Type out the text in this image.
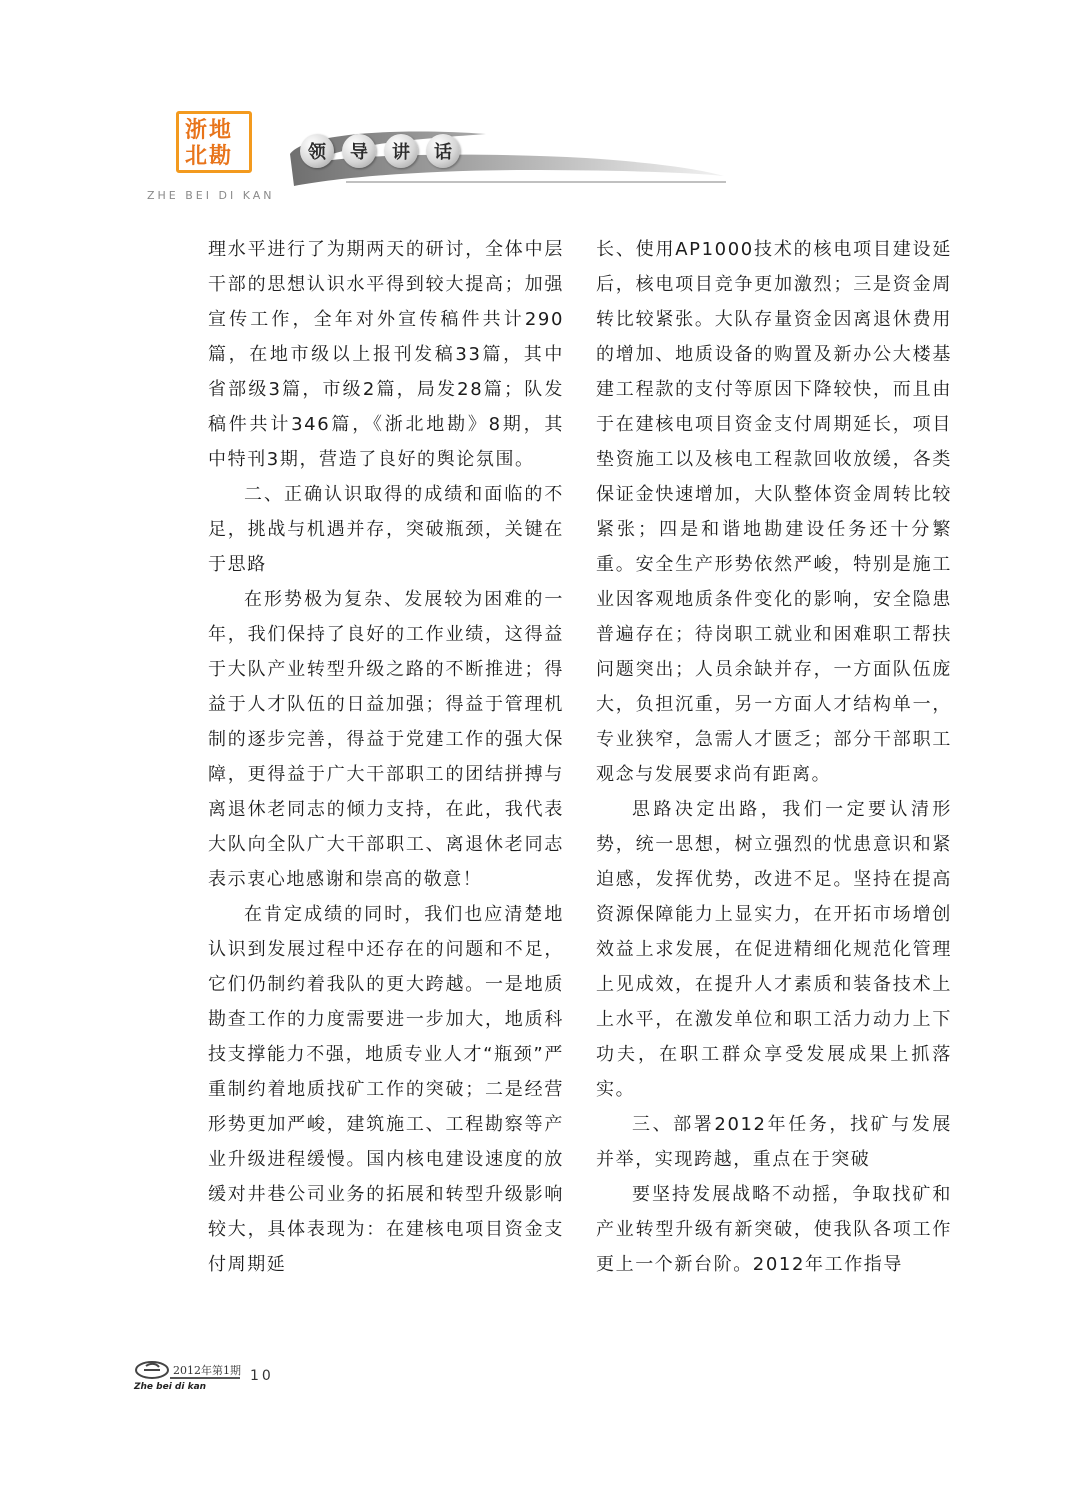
浙地
北勘
ZHE BEI DI KAN
领	导	讲	话

理水平进行了为期两天的研讨，全体中层干部的思想认识水平得到较大提高；加强宣传工作，全年对外宣传稿件共计290篇，在地市级以上报刊发稿33篇，其中省部级3篇，市级2篇，局发28篇；队发稿件共计346篇，《浙北地勘》8期，其中特刊3期，营造了良好的舆论氛围。

二、正确认识取得的成绩和面临的不足，挑战与机遇并存，突破瓶颈，关键在于思路

在形势极为复杂、发展较为困难的一年，我们保持了良好的工作业绩，这得益于大队产业转型升级之路的不断推进；得益于人才队伍的日益加强；得益于管理机制的逐步完善，得益于党建工作的强大保障，更得益于广大干部职工的团结拼搏与离退休老同志的倾力支持，在此，我代表大队向全队广大干部职工、离退休老同志表示衷心地感谢和崇高的敬意！

在肯定成绩的同时，我们也应清楚地认识到发展过程中还存在的问题和不足，它们仍制约着我队的更大跨越。一是地质勘查工作的力度需要进一步加大，地质科技支撑能力不强，地质专业人才“瓶颈”严重制约着地质找矿工作的突破；二是经营形势更加严峻，建筑施工、工程勘察等产业升级进程缓慢。国内核电建设速度的放缓对井巷公司业务的拓展和转型升级影响较大，具体表现为：在建核电项目资金支付周期延

长、使用AP1000技术的核电项目建设延后，核电项目竞争更加激烈；三是资金周转比较紧张。大队存量资金因离退休费用的增加、地质设备的购置及新办公大楼基建工程款的支付等原因下降较快，而且由于在建核电项目资金支付周期延长，项目垫资施工以及核电工程款回收放缓，各类保证金快速增加，大队整体资金周转比较紧张；四是和谐地勘建设任务还十分繁重。安全生产形势依然严峻，特别是施工业因客观地质条件变化的影响，安全隐患普遍存在；待岗职工就业和困难职工帮扶问题突出；人员余缺并存，一方面队伍庞大，负担沉重，另一方面人才结构单一，专业狭窄，急需人才匮乏；部分干部职工观念与发展要求尚有距离。

思路决定出路，我们一定要认清形势，统一思想，树立强烈的忧患意识和紧迫感，发挥优势，改进不足。坚持在提高资源保障能力上显实力，在开拓市场增创效益上求发展，在促进精细化规范化管理上见成效，在提升人才素质和装备技术上上水平，在激发单位和职工活力动力上下功夫，在职工群众享受发展成果上抓落实。

三、部署2012年任务，找矿与发展并举，实现跨越，重点在于突破

要坚持发展战略不动摇，争取找矿和产业转型升级有新突破，使我队各项工作更上一个新台阶。2012年工作指导

2012年第1期 10
Zhe bei di kan
